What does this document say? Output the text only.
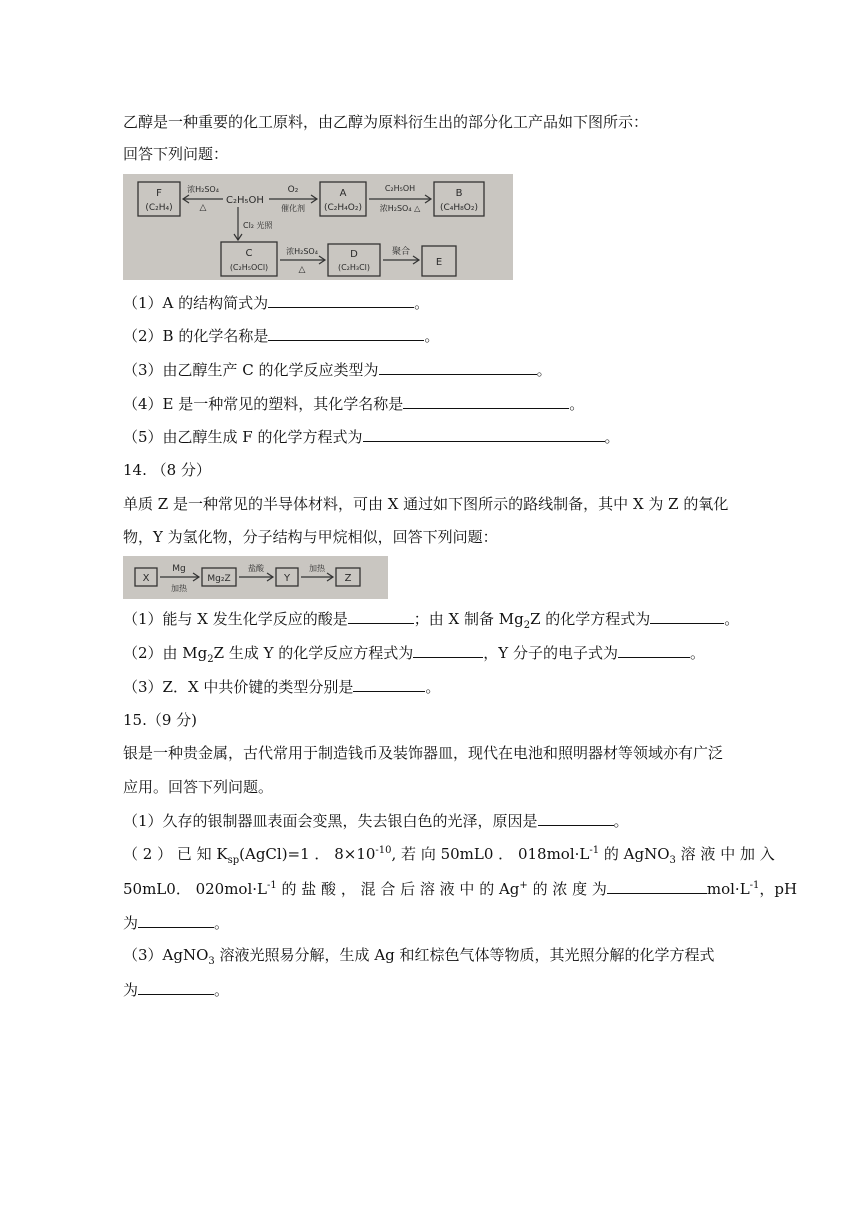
乙醇是一种重要的化工原料，由乙醇为原料衍生出的部分化工产品如下图所示：
回答下列问题：
F
(C₂H₄)
浓H₂SO₄
△
C₂H₅OH
O₂
催化剂
A
(C₂H₄O₂)
C₂H₅OH
浓H₂SO₄ △
B
(C₄H₈O₂)
Cl₂ 光照
C
(C₂H₅OCl)
浓H₂SO₄
△
D
(C₂H₃Cl)
聚合
E
（1）A 的结构简式为	。
（2）B 的化学名称是	。
（3）由乙醇生产 C 的化学反应类型为	。
（4）E 是一种常见的塑料，其化学名称是	。
（5）由乙醇生成 F 的化学方程式为	。
14. （8 分）
单质 Z 是一种常见的半导体材料，可由 X 通过如下图所示的路线制备，其中 X 为 Z 的氧化
物，Y 为氢化物，分子结构与甲烷相似，回答下列问题：
X
Mg
加热
Mg₂Z
盐酸
Y
加热
Z
（1）能与 X 发生化学反应的酸是	；由 X 制备 $Mg_2Z$ 的化学方程式为	。
（2）由 $Mg_2Z$ 生成 Y 的化学反应方程式为	，Y 分子的电子式为	。
（3）Z．X 中共价键的类型分别是	。
15.（9 分)
银是一种贵金属，古代常用于制造钱币及装饰器皿，现代在电池和照明器材等领域亦有广泛
应用。回答下列问题。
（1）久存的银制器皿表面会变黑，失去银白色的光泽，原因是	。
（ 2 ） 已 知 $K_{sp}(AgCl)=1$ ． $8\times 10^{-10}$, 若 向 50mL0 ． $018mol\cdot L^{-1}$ 的 AgNO$_3$ 溶 液 中 加 入
50mL0． $020mol\cdot L^{-1}$ 的 盐 酸 ， 混 合 后 溶 液 中 的 Ag+ 的 浓 度 为	$mol\cdot L^{-1}$，pH
为	。
（3）AgNO$_3$ 溶液光照易分解，生成 Ag 和红棕色气体等物质，其光照分解的化学方程式
为	。
